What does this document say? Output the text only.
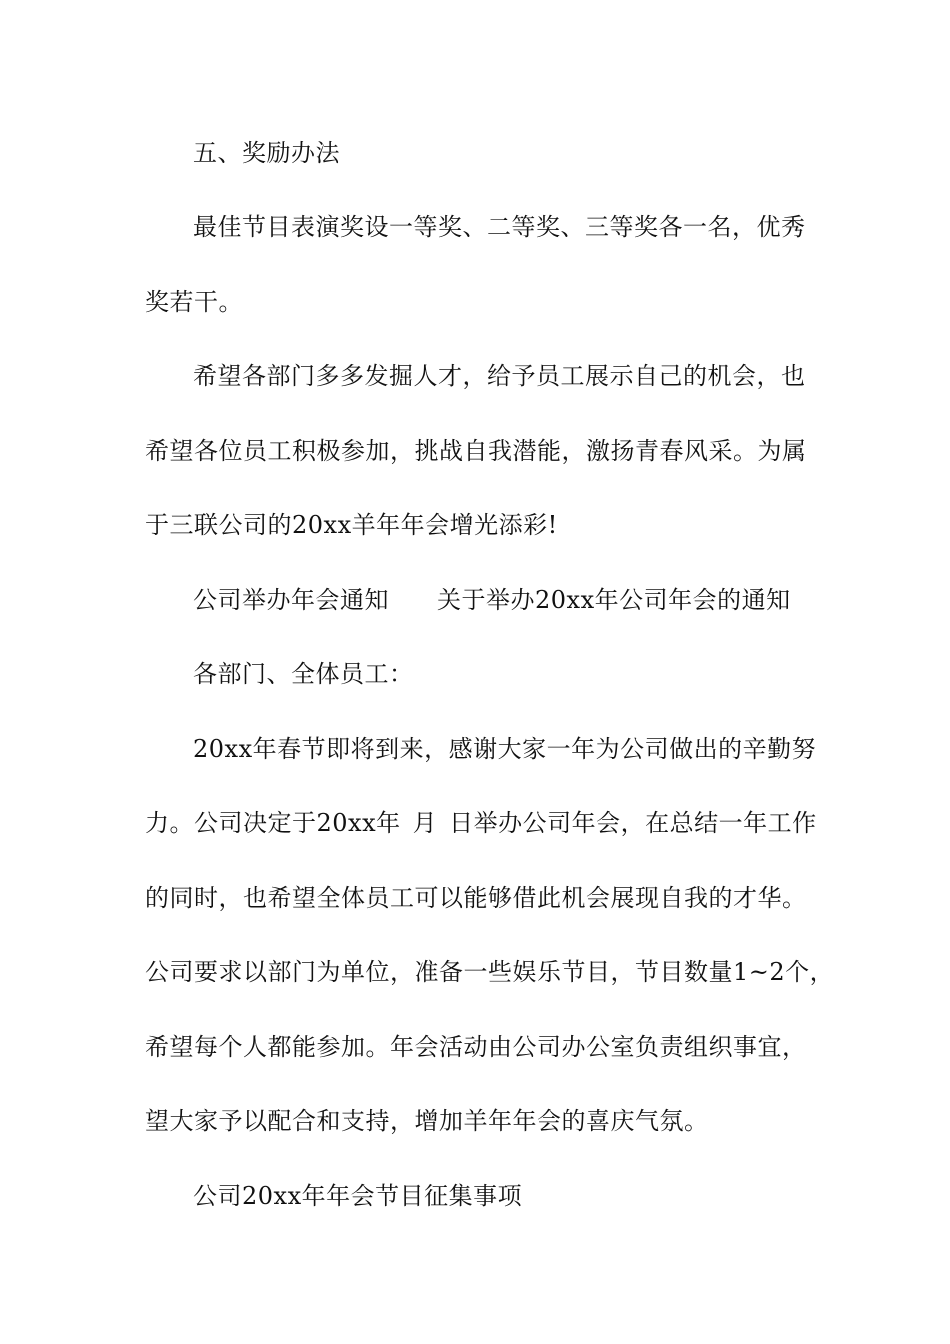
五、奖励办法
最佳节目表演奖设一等奖、二等奖、三等奖各一名，优秀
奖若干。
希望各部门多多发掘人才，给予员工展示自己的机会，也
希望各位员工积极参加，挑战自我潜能，激扬青春风采。为属
于三联公司的20xx羊年年会增光添彩!
公司举办年会通知 关于举办20xx年公司年会的通知
各部门、全体员工：
20xx年春节即将到来，感谢大家一年为公司做出的辛勤努
力。公司决定于20xx年 月 日举办公司年会，在总结一年工作
的同时，也希望全体员工可以能够借此机会展现自我的才华。
公司要求以部门为单位，准备一些娱乐节目，节目数量1~2个，
希望每个人都能参加。年会活动由公司办公室负责组织事宜，
望大家予以配合和支持，增加羊年年会的喜庆气氛。
公司20xx年年会节目征集事项
